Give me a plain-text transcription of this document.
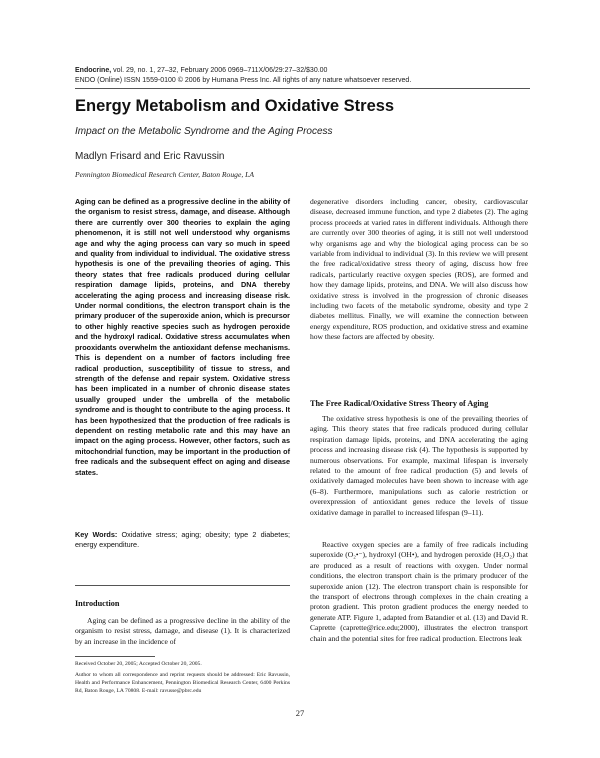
Endocrine, vol. 29, no. 1, 27–32, February 2006 0969–711X/06/29:27–32/$30.00
ENDO (Online) ISSN 1559-0100 © 2006 by Humana Press Inc. All rights of any nature whatsoever reserved.
Energy Metabolism and Oxidative Stress
Impact on the Metabolic Syndrome and the Aging Process
Madlyn Frisard and Eric Ravussin
Pennington Biomedical Research Center, Baton Rouge, LA
Aging can be defined as a progressive decline in the ability of the organism to resist stress, damage, and disease. Although there are currently over 300 theories to explain the aging phenomenon, it is still not well understood why organisms age and why the aging process can vary so much in speed and quality from individual to individual. The oxidative stress hypothesis is one of the prevailing theories of aging. This theory states that free radicals produced during cellular respiration damage lipids, proteins, and DNA thereby accelerating the aging process and increasing disease risk. Under normal conditions, the electron transport chain is the primary producer of the superoxide anion, which is precursor to other highly reactive species such as hydrogen peroxide and the hydroxyl radical. Oxidative stress accumulates when prooxidants overwhelm the antioxidant defense mechanisms. This is dependent on a number of factors including free radical production, susceptibility of tissue to stress, and strength of the defense and repair system. Oxidative stress has been implicated in a number of chronic disease states usually grouped under the umbrella of the metabolic syndrome and is thought to contribute to the aging process. It has been hypothesized that the production of free radicals is dependent on resting metabolic rate and this may have an impact on the aging process. However, other factors, such as mitochondrial function, may be important in the production of free radicals and the subsequent effect on aging and disease states.
Key Words: Oxidative stress; aging; obesity; type 2 diabetes; energy expenditure.
Introduction
Aging can be defined as a progressive decline in the ability of the organism to resist stress, damage, and disease (1). It is characterized by an increase in the incidence of
Received October 20, 2005; Accepted October 20, 2005.
Author to whom all correspondence and reprint requests should be addressed: Eric Ravussin, Health and Performance Enhancement, Pennington Biomedical Research Center, 6400 Perkins Rd, Baton Rouge, LA 70808. E-mail: ravusse@pbrc.edu
degenerative disorders including cancer, obesity, cardiovascular disease, decreased immune function, and type 2 diabetes (2). The aging process proceeds at varied rates in different individuals. Although there are currently over 300 theories of aging, it is still not well understood why organisms age and why the biological aging process can be so variable from individual to individual (3). In this review we will present the free radical/oxidative stress theory of aging, discuss how free radicals, particularly reactive oxygen species (ROS), are formed and how they damage lipids, proteins, and DNA. We will also discuss how oxidative stress is involved in the progression of chronic diseases including two facets of the metabolic syndrome, obesity and type 2 diabetes mellitus. Finally, we will examine the connection between energy expenditure, ROS production, and oxidative stress and examine how these factors are affected by obesity.
The Free Radical/Oxidative Stress Theory of Aging
The oxidative stress hypothesis is one of the prevailing theories of aging. This theory states that free radicals produced during cellular respiration damage lipids, proteins, and DNA accelerating the aging process and increasing disease risk (4). The hypothesis is supported by numerous observations. For example, maximal lifespan is inversely related to the amount of free radical production (5) and levels of oxidatively damaged molecules have been shown to increase with age (6–8). Furthermore, manipulations such as calorie restriction or overexpression of antioxidant genes reduce the levels of tissue oxidative damage in parallel to increased lifespan (9–11).
Reactive oxygen species are a family of free radicals including superoxide (O₂•⁻), hydroxyl (OH•), and hydrogen peroxide (H₂O₂) that are produced as a result of reactions with oxygen. Under normal conditions, the electron transport chain is the primary producer of the superoxide anion (12). The electron transport chain is responsible for the transport of electrons through complexes in the chain creating a proton gradient. This proton gradient produces the energy needed to generate ATP. Figure 1, adapted from Batandier et al. (13) and David R. Caprette (caprette@rice.edu;2000), illustrates the electron transport chain and the potential sites for free radical production. Electrons leak
27
